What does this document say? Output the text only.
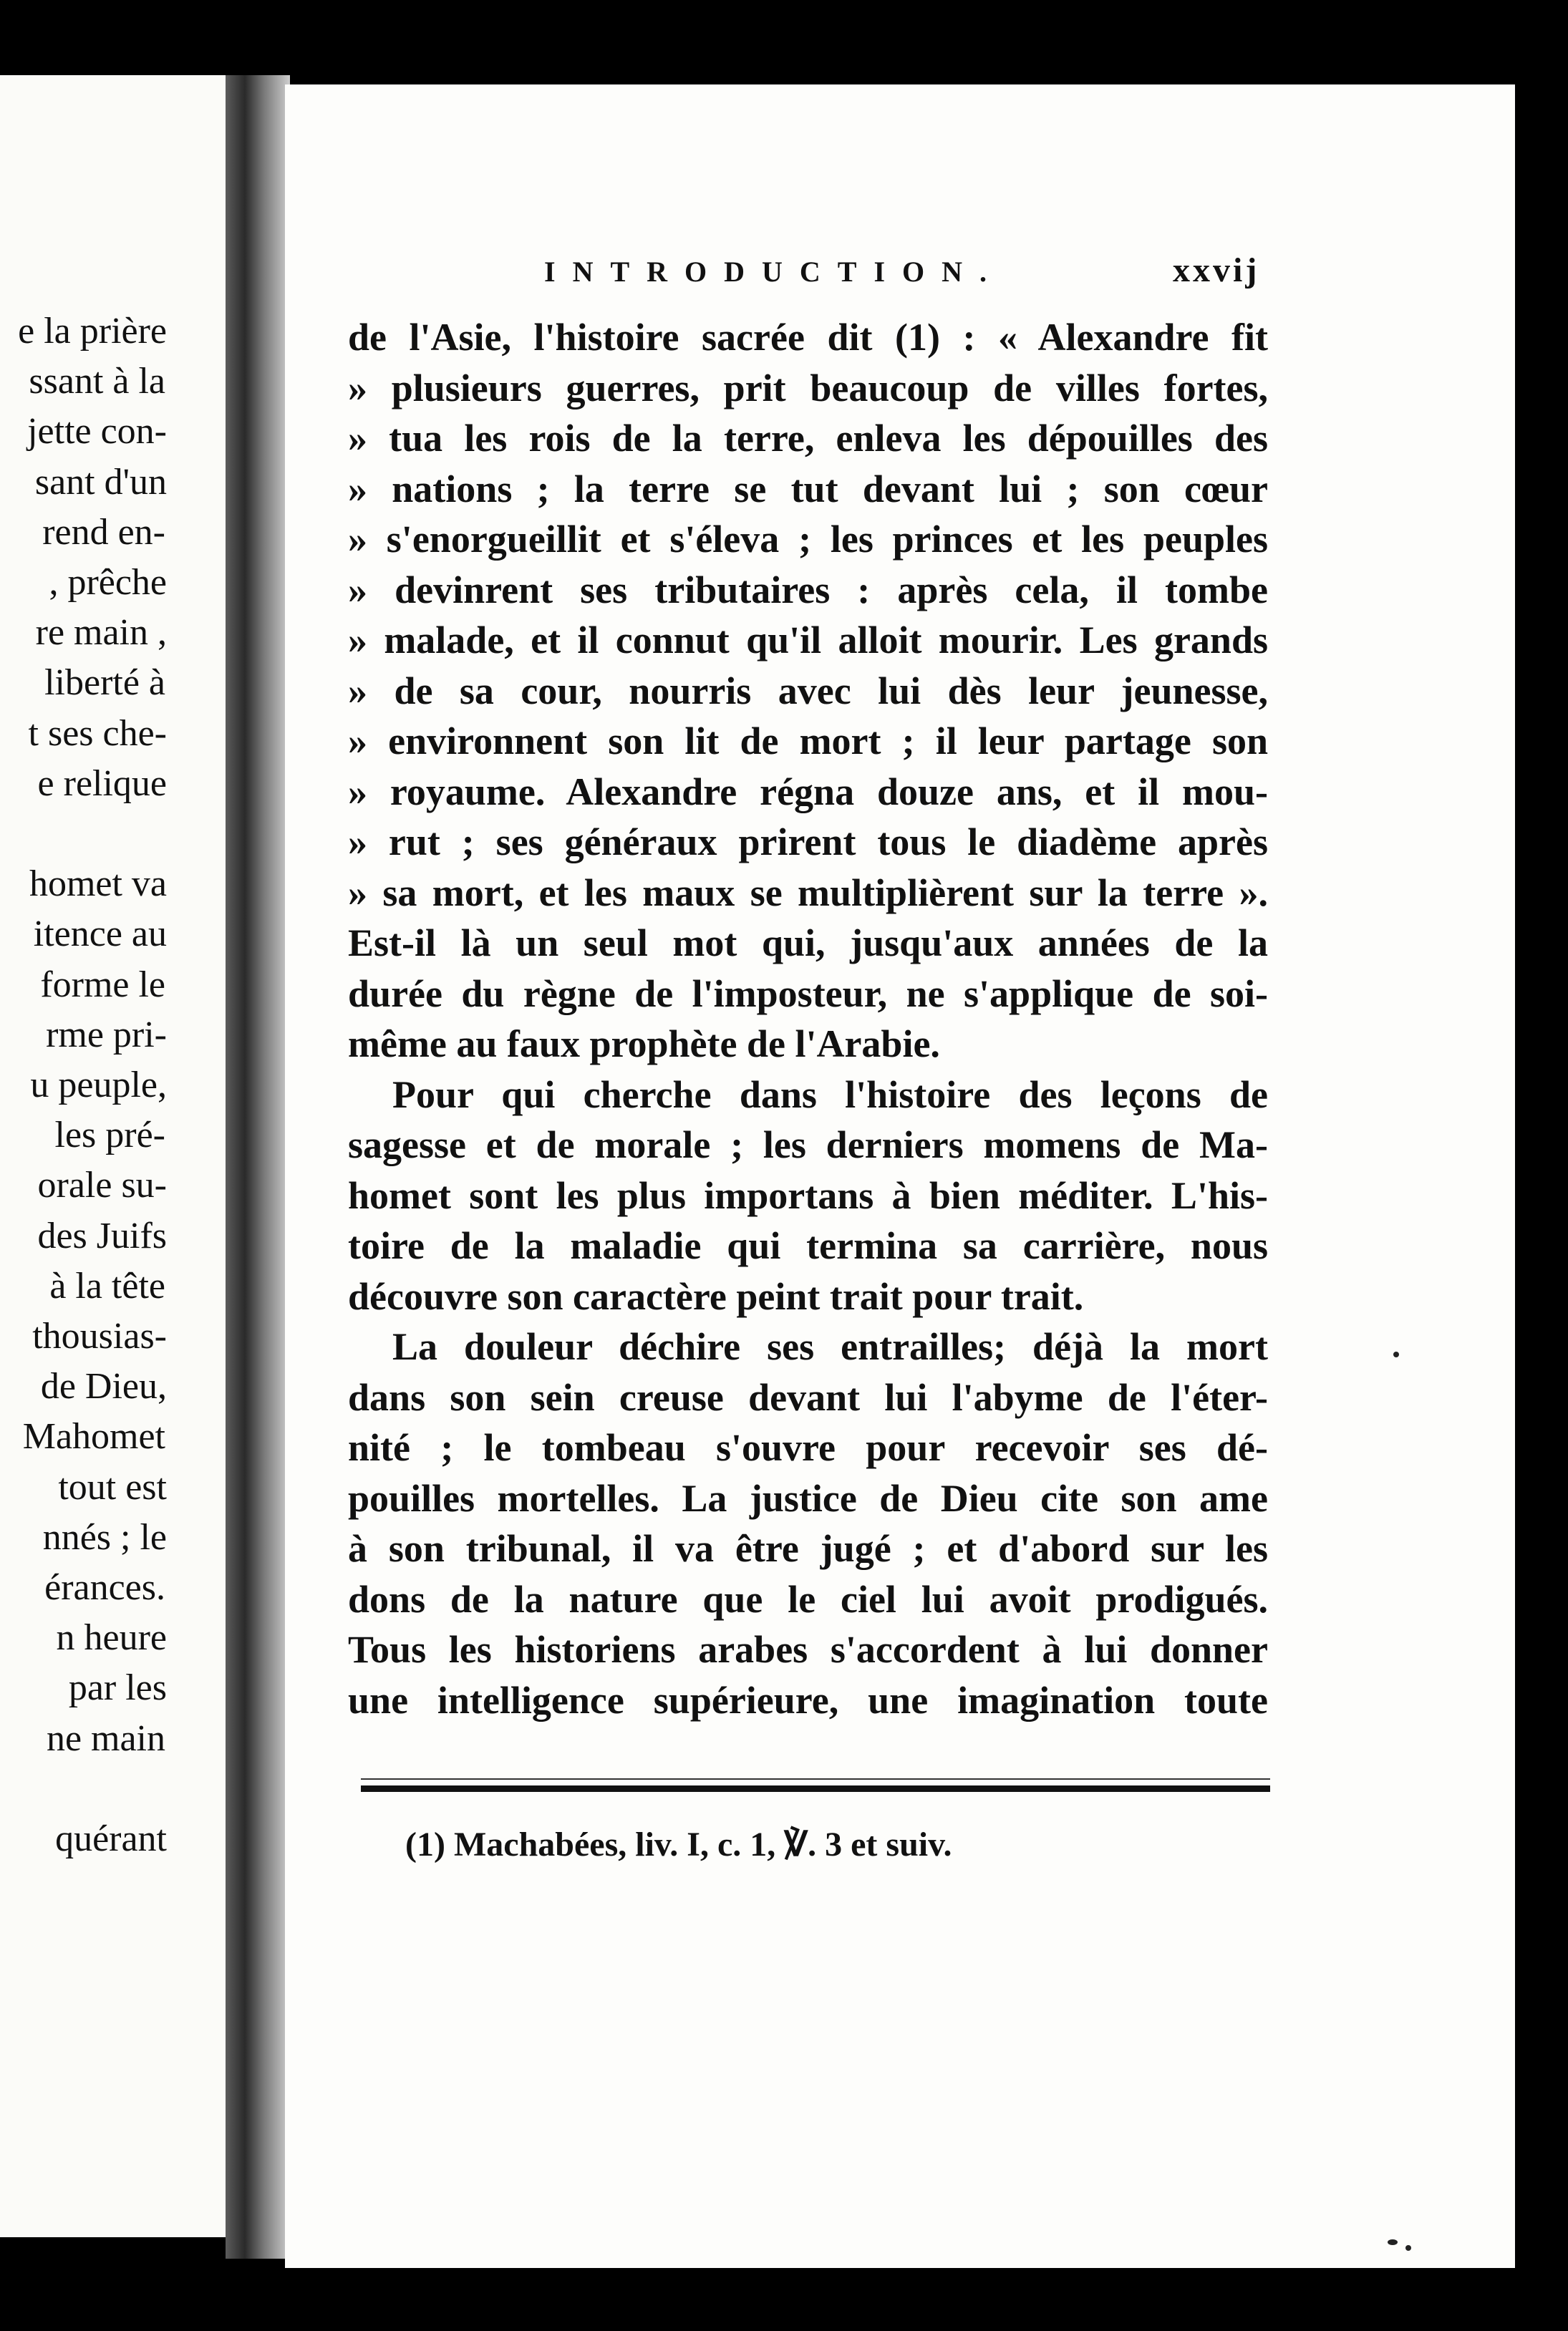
e la prière
ssant à la
jette con-
sant d'un
rend en-
, prêche
re main ,
liberté à
t ses che-
e relique
homet va
itence au
forme le
rme pri-
u peuple,
les pré-
orale su-
des Juifs
à la tête
thousias-
de Dieu,
Mahomet
tout est
nnés ; le
érances.
n heure
par les
ne main
quérant
INTRODUCTION.	xxvij
de l'Asie, l'histoire sacrée dit (1) : « Alexandre fit
» plusieurs guerres, prit beaucoup de villes fortes,
» tua les rois de la terre, enleva les dépouilles des
» nations ; la terre se tut devant lui ; son cœur
» s'enorgueillit et s'éleva ; les princes et les peuples
» devinrent ses tributaires : après cela, il tombe
» malade, et il connut qu'il alloit mourir. Les grands
» de sa cour, nourris avec lui dès leur jeunesse,
» environnent son lit de mort ; il leur partage son
» royaume. Alexandre régna douze ans, et il mou-
» rut ; ses généraux prirent tous le diadème après
» sa mort, et les maux se multiplièrent sur la terre ».
Est-il là un seul mot qui, jusqu'aux années de la
durée du règne de l'imposteur, ne s'applique de soi-
même au faux prophète de l'Arabie.
Pour qui cherche dans l'histoire des leçons de
sagesse et de morale ; les derniers momens de Ma-
homet sont les plus importans à bien méditer. L'his-
toire de la maladie qui termina sa carrière, nous
découvre son caractère peint trait pour trait.
La douleur déchire ses entrailles; déjà la mort
dans son sein creuse devant lui l'abyme de l'éter-
nité ; le tombeau s'ouvre pour recevoir ses dé-
pouilles mortelles. La justice de Dieu cite son ame
à son tribunal, il va être jugé ; et d'abord sur les
dons de la nature que le ciel lui avoit prodigués.
Tous les historiens arabes s'accordent à lui donner
une intelligence supérieure, une imagination toute
(1) Machabées, liv. I, c. 1, ℣. 3 et suiv.
